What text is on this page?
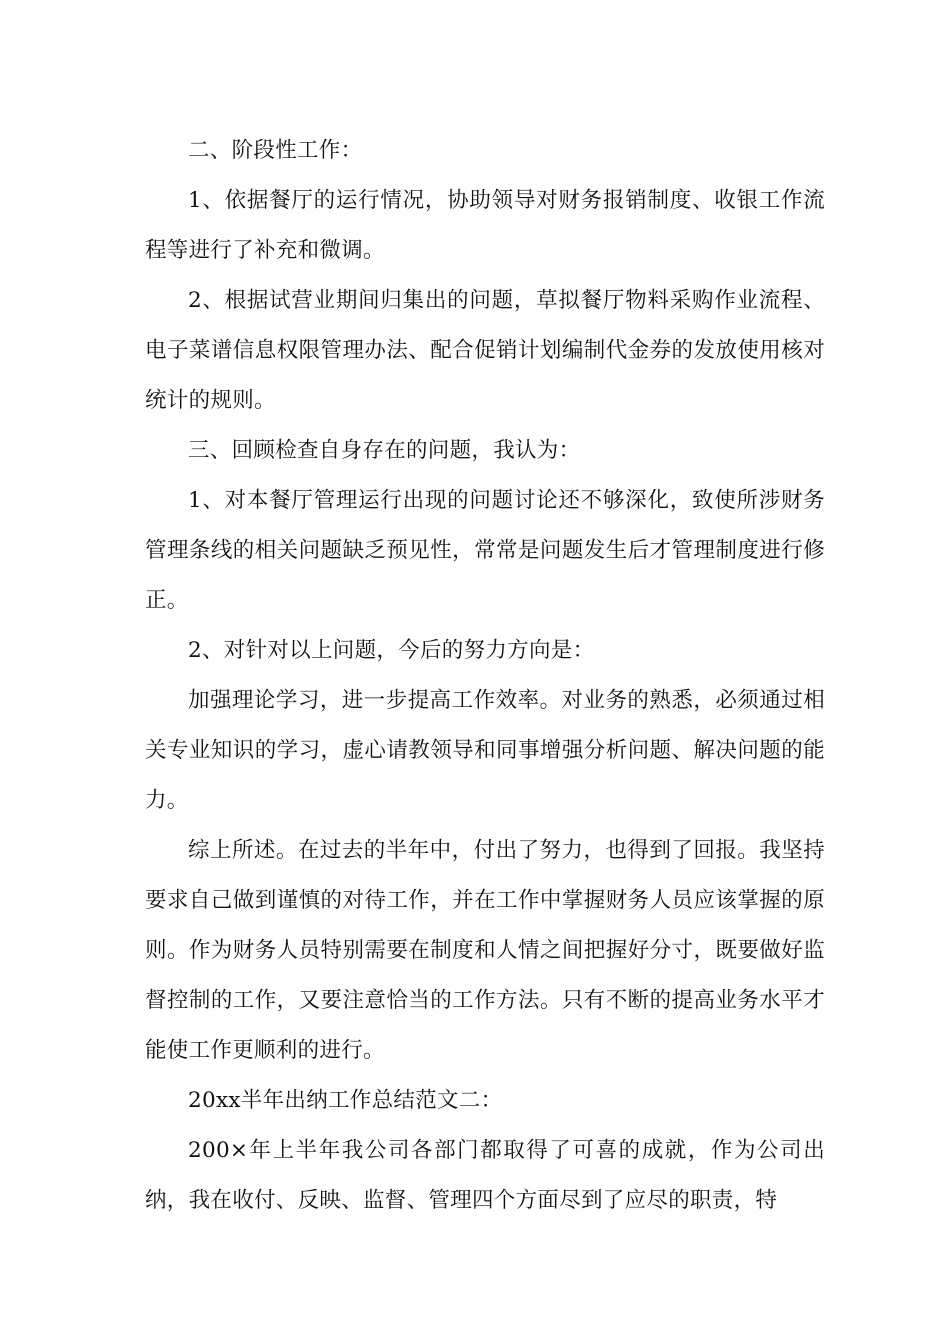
二、阶段性工作：

1、依据餐厅的运行情况，协助领导对财务报销制度、收银工作流程等进行了补充和微调。

2、根据试营业期间归集出的问题，草拟餐厅物料采购作业流程、电子菜谱信息权限管理办法、配合促销计划编制代金券的发放使用核对统计的规则。

三、回顾检查自身存在的问题，我认为：

1、对本餐厅管理运行出现的问题讨论还不够深化，致使所涉财务管理条线的相关问题缺乏预见性，常常是问题发生后才管理制度进行修正。

2、对针对以上问题，今后的努力方向是：

加强理论学习，进一步提高工作效率。对业务的熟悉，必须通过相关专业知识的学习，虚心请教领导和同事增强分析问题、解决问题的能力。

综上所述。在过去的半年中，付出了努力，也得到了回报。我坚持要求自己做到谨慎的对待工作，并在工作中掌握财务人员应该掌握的原则。作为财务人员特别需要在制度和人情之间把握好分寸，既要做好监督控制的工作，又要注意恰当的工作方法。只有不断的提高业务水平才能使工作更顺利的进行。

20xx半年出纳工作总结范文二：

200×年上半年我公司各部门都取得了可喜的成就，作为公司出纳，我在收付、反映、监督、管理四个方面尽到了应尽的职责，特
